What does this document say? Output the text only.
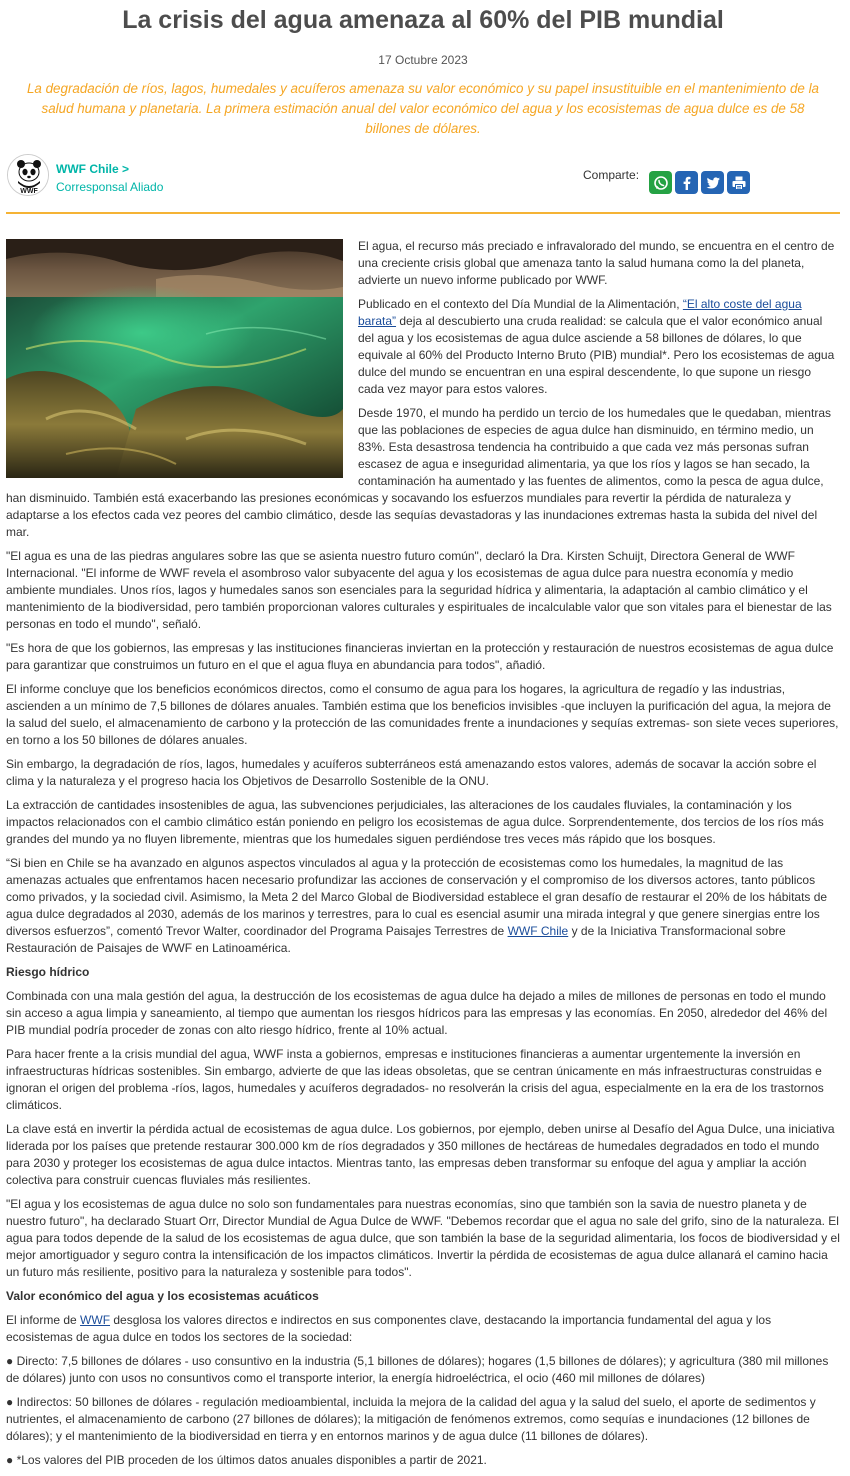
La crisis del agua amenaza al 60% del PIB mundial
17 Octubre 2023
La degradación de ríos, lagos, humedales y acuíferos amenaza su valor económico y su papel insustituible en el mantenimiento de la salud humana y planetaria. La primera estimación anual del valor económico del agua y los ecosistemas de agua dulce es de 58 billones de dólares.
WWF
WWF Chile >
Corresponsal Aliado
Comparte:

El agua, el recurso más preciado e infravalorado del mundo, se encuentra en el centro de una creciente crisis global que amenaza tanto la salud humana como la del planeta, advierte un nuevo informe publicado por WWF.

Publicado en el contexto del Día Mundial de la Alimentación, “El alto coste del agua barata” deja al descubierto una cruda realidad: se calcula que el valor económico anual del agua y los ecosistemas de agua dulce asciende a 58 billones de dólares, lo que equivale al 60% del Producto Interno Bruto (PIB) mundial*. Pero los ecosistemas de agua dulce del mundo se encuentran en una espiral descendente, lo que supone un riesgo cada vez mayor para estos valores.

Desde 1970, el mundo ha perdido un tercio de los humedales que le quedaban, mientras que las poblaciones de especies de agua dulce han disminuido, en término medio, un 83%. Esta desastrosa tendencia ha contribuido a que cada vez más personas sufran escasez de agua e inseguridad alimentaria, ya que los ríos y lagos se han secado, la contaminación ha aumentado y las fuentes de alimentos, como la pesca de agua dulce, han disminuido. También está exacerbando las presiones económicas y socavando los esfuerzos mundiales para revertir la pérdida de naturaleza y adaptarse a los efectos cada vez peores del cambio climático, desde las sequías devastadoras y las inundaciones extremas hasta la subida del nivel del mar.

"El agua es una de las piedras angulares sobre las que se asienta nuestro futuro común", declaró la Dra. Kirsten Schuijt, Directora General de WWF Internacional. "El informe de WWF revela el asombroso valor subyacente del agua y los ecosistemas de agua dulce para nuestra economía y medio ambiente mundiales. Unos ríos, lagos y humedales sanos son esenciales para la seguridad hídrica y alimentaria, la adaptación al cambio climático y el mantenimiento de la biodiversidad, pero también proporcionan valores culturales y espirituales de incalculable valor que son vitales para el bienestar de las personas en todo el mundo", señaló.

"Es hora de que los gobiernos, las empresas y las instituciones financieras inviertan en la protección y restauración de nuestros ecosistemas de agua dulce para garantizar que construimos un futuro en el que el agua fluya en abundancia para todos", añadió.

El informe concluye que los beneficios económicos directos, como el consumo de agua para los hogares, la agricultura de regadío y las industrias, ascienden a un mínimo de 7,5 billones de dólares anuales. También estima que los beneficios invisibles -que incluyen la purificación del agua, la mejora de la salud del suelo, el almacenamiento de carbono y la protección de las comunidades frente a inundaciones y sequías extremas- son siete veces superiores, en torno a los 50 billones de dólares anuales.

Sin embargo, la degradación de ríos, lagos, humedales y acuíferos subterráneos está amenazando estos valores, además de socavar la acción sobre el clima y la naturaleza y el progreso hacia los Objetivos de Desarrollo Sostenible de la ONU.

La extracción de cantidades insostenibles de agua, las subvenciones perjudiciales, las alteraciones de los caudales fluviales, la contaminación y los impactos relacionados con el cambio climático están poniendo en peligro los ecosistemas de agua dulce. Sorprendentemente, dos tercios de los ríos más grandes del mundo ya no fluyen libremente, mientras que los humedales siguen perdiéndose tres veces más rápido que los bosques.

“Si bien en Chile se ha avanzado en algunos aspectos vinculados al agua y la protección de ecosistemas como los humedales, la magnitud de las amenazas actuales que enfrentamos hacen necesario profundizar las acciones de conservación y el compromiso de los diversos actores, tanto públicos como privados, y la sociedad civil. Asimismo, la Meta 2 del Marco Global de Biodiversidad establece el gran desafío de restaurar el 20% de los hábitats de agua dulce degradados al 2030, además de los marinos y terrestres, para lo cual es esencial asumir una mirada integral y que genere sinergias entre los diversos esfuerzos”, comentó Trevor Walter, coordinador del Programa Paisajes Terrestres de WWF Chile y de la Iniciativa Transformacional sobre Restauración de Paisajes de WWF en Latinoamérica.

Riesgo hídrico

Combinada con una mala gestión del agua, la destrucción de los ecosistemas de agua dulce ha dejado a miles de millones de personas en todo el mundo sin acceso a agua limpia y saneamiento, al tiempo que aumentan los riesgos hídricos para las empresas y las economías. En 2050, alrededor del 46% del PIB mundial podría proceder de zonas con alto riesgo hídrico, frente al 10% actual.

Para hacer frente a la crisis mundial del agua, WWF insta a gobiernos, empresas e instituciones financieras a aumentar urgentemente la inversión en infraestructuras hídricas sostenibles. Sin embargo, advierte de que las ideas obsoletas, que se centran únicamente en más infraestructuras construidas e ignoran el origen del problema -ríos, lagos, humedales y acuíferos degradados- no resolverán la crisis del agua, especialmente en la era de los trastornos climáticos.

La clave está en invertir la pérdida actual de ecosistemas de agua dulce. Los gobiernos, por ejemplo, deben unirse al Desafío del Agua Dulce, una iniciativa liderada por los países que pretende restaurar 300.000 km de ríos degradados y 350 millones de hectáreas de humedales degradados en todo el mundo para 2030 y proteger los ecosistemas de agua dulce intactos. Mientras tanto, las empresas deben transformar su enfoque del agua y ampliar la acción colectiva para construir cuencas fluviales más resilientes.

"El agua y los ecosistemas de agua dulce no solo son fundamentales para nuestras economías, sino que también son la savia de nuestro planeta y de nuestro futuro", ha declarado Stuart Orr, Director Mundial de Agua Dulce de WWF. "Debemos recordar que el agua no sale del grifo, sino de la naturaleza. El agua para todos depende de la salud de los ecosistemas de agua dulce, que son también la base de la seguridad alimentaria, los focos de biodiversidad y el mejor amortiguador y seguro contra la intensificación de los impactos climáticos. Invertir la pérdida de ecosistemas de agua dulce allanará el camino hacia un futuro más resiliente, positivo para la naturaleza y sostenible para todos".

Valor económico del agua y los ecosistemas acuáticos

El informe de WWF desglosa los valores directos e indirectos en sus componentes clave, destacando la importancia fundamental del agua y los ecosistemas de agua dulce en todos los sectores de la sociedad:

● Directo: 7,5 billones de dólares - uso consuntivo en la industria (5,1 billones de dólares); hogares (1,5 billones de dólares); y agricultura (380 mil millones de dólares) junto con usos no consuntivos como el transporte interior, la energía hidroeléctrica, el ocio (460 mil millones de dólares)

● Indirectos: 50 billones de dólares - regulación medioambiental, incluida la mejora de la calidad del agua y la salud del suelo, el aporte de sedimentos y nutrientes, el almacenamiento de carbono (27 billones de dólares); la mitigación de fenómenos extremos, como sequías e inundaciones (12 billones de dólares); y el mantenimiento de la biodiversidad en tierra y en entornos marinos y de agua dulce (11 billones de dólares).

● *Los valores del PIB proceden de los últimos datos anuales disponibles a partir de 2021.
